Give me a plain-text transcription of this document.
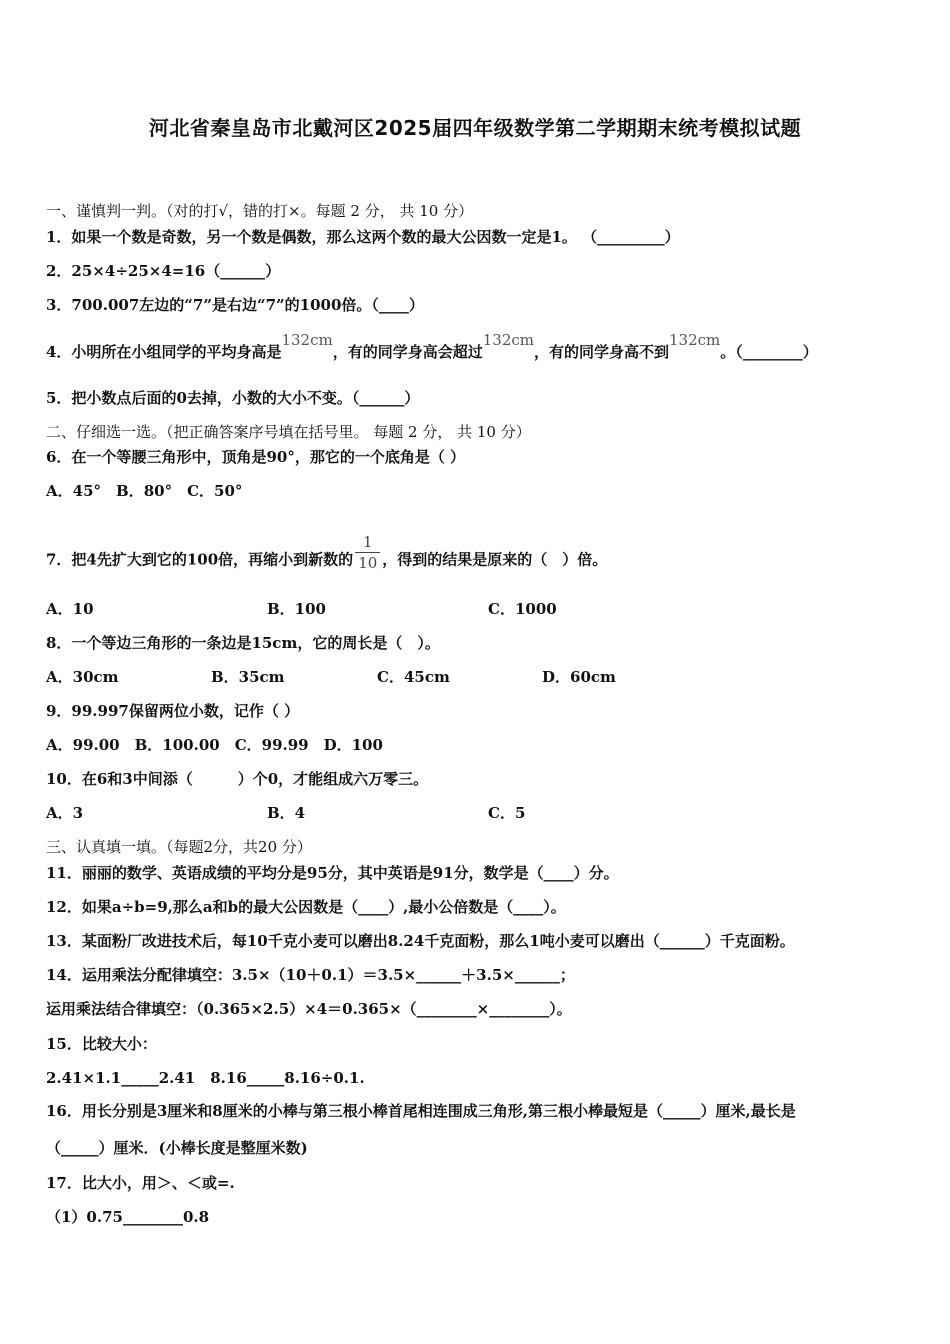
河北省秦皇岛市北戴河区2025届四年级数学第二学期期末统考模拟试题
一、谨慎判一判。（对的打√，错的打×。每题 2 分， 共 10 分）
1．如果一个数是奇数，另一个数是偶数，那么这两个数的最大公因数一定是1。 （_________）
2．25×4÷25×4=16（______）
3．700.007左边的“7”是右边“7”的1000倍。（____）
4．小明所在小组同学的平均身高是132cm，有的同学身高会超过132cm，有的同学身高不到132cm。（________）
5．把小数点后面的0去掉，小数的大小不变。（______）
二、仔细选一选。（把正确答案序号填在括号里。 每题 2 分， 共 10 分）
6．在一个等腰三角形中，顶角是90°，那它的一个底角是（ ）
A．45°　B．80°　C．50°
7．把4先扩大到它的100倍，再缩小到新数的 $\frac{1}{10}$ ，得到的结果是原来的（　）倍。
A．10	B．100	C．1000
8．一个等边三角形的一条边是15cm，它的周长是（　）。
A．30cm	B．35cm	C．45cm	D．60cm
9．99.997保留两位小数，记作（ ）
A．99.00　B．100.00　C．99.99　D．100
10．在6和3中间添（　　　）个0，才能组成六万零三。
A．3	B．4	C．5
三、认真填一填。（每题2分，共20 分）
11．丽丽的数学、英语成绩的平均分是95分，其中英语是91分，数学是（____）分。
12．如果a÷b=9,那么a和b的最大公因数是（____）,最小公倍数是（____）。
13．某面粉厂改进技术后，每10千克小麦可以磨出8.24千克面粉，那么1吨小麦可以磨出（______）千克面粉。
14．运用乘法分配律填空：3.5×（10＋0.1）＝3.5×______＋3.5×______；
运用乘法结合律填空：（0.365×2.5）×4＝0.365×（________×________）。
15．比较大小：
2.41×1.1_____2.41　8.16_____8.16÷0.1.
16．用长分别是3厘米和8厘米的小棒与第三根小棒首尾相连围成三角形,第三根小棒最短是（_____）厘米,最长是
（_____）厘米．(小棒长度是整厘米数)
17．比大小，用＞、＜或=.
（1）0.75________0.8
